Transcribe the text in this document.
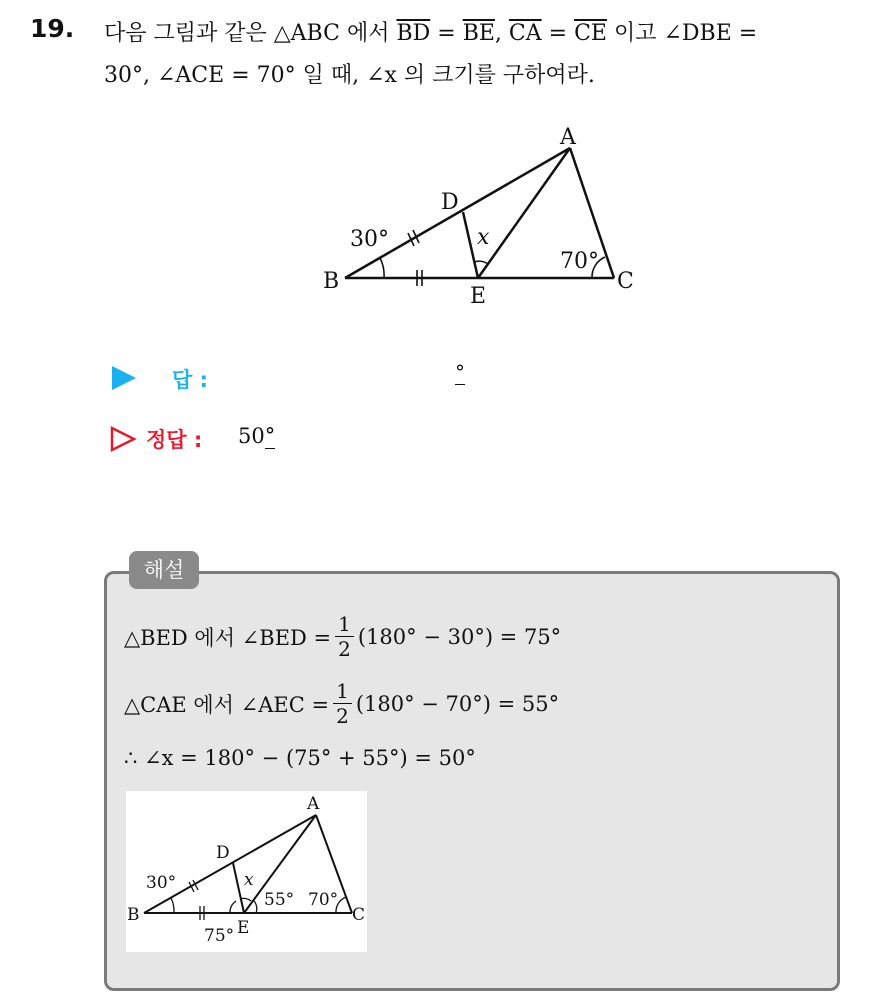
19. 다음 그림과 같은 △ABC 에서 $\overline{BD} = \overline{BE}$, $\overline{CA} = \overline{CE}$ 이고 ∠DBE =
30°, ∠ACE = 70° 일 때, ∠x 의 크기를 구하여라.
A
B	C
D
E
x
30°
70°
답 :	°
정답 : 50°
해설
△BED 에서 ∠BED = $\frac{1}{2} (180^\circ - 30^\circ) = 75^\circ$
△CAE 에서 ∠AEC = $\frac{1}{2} (180^\circ - 70^\circ) = 55^\circ$
∴ ∠x = 180° − (75° + 55°) = 50°
A
B	C
D
E
x
30°
70°
55°
75°
